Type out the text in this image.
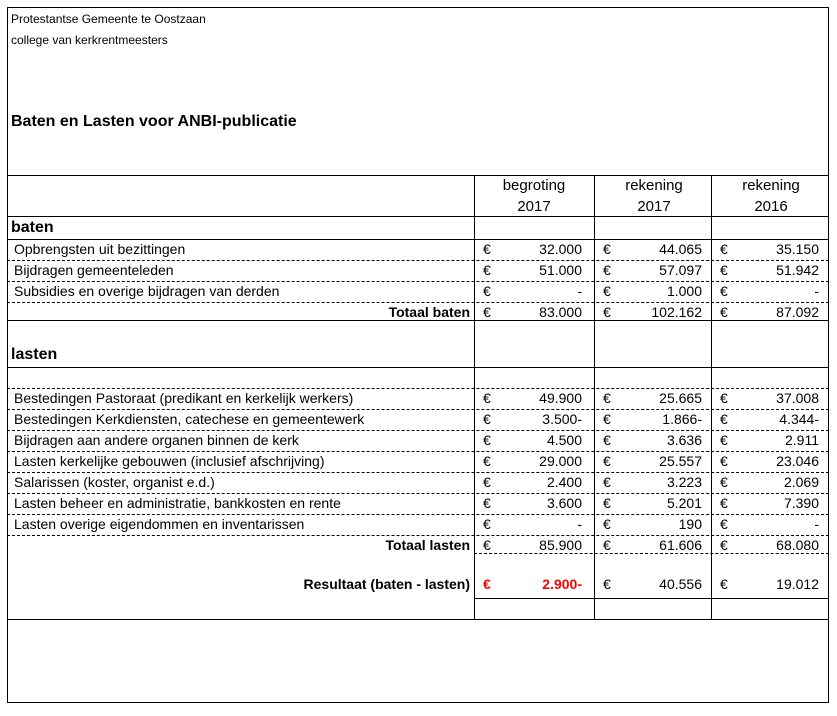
Protestantse Gemeente te Oostzaan
college van kerkrentmeesters
Baten en Lasten voor ANBI-publicatie
begroting
2017
rekening
2017
rekening
2016
baten
Opbrengsten uit bezittingen	€	32.000 €	44.065 €	35.150
Bijdragen gemeenteleden	€	51.000 €	57.097 €	51.942
Subsidies en overige bijdragen van derden	€	- €	1.000 €	-
Totaal baten €	83.000 €	102.162 €	87.092
lasten
Bestedingen Pastoraat (predikant en kerkelijk werkers)	€	49.900 €	25.665 €	37.008
Bestedingen Kerkdiensten, catechese en gemeentewerk	€	3.500- €	1.866- €	4.344-
Bijdragen aan andere organen binnen de kerk	€	4.500 €	3.636 €	2.911
Lasten kerkelijke gebouwen (inclusief afschrijving)	€	29.000 €	25.557 €	23.046
Salarissen (koster, organist e.d.)	€	2.400 €	3.223 €	2.069
Lasten beheer en administratie, bankkosten en rente	€	3.600 €	5.201 €	7.390
Lasten overige eigendommen en inventarissen	€	- €	190 €	-
Totaal lasten €	85.900 €	61.606 €	68.080
Resultaat (baten - lasten) €	2.900- €	40.556 €	19.012
